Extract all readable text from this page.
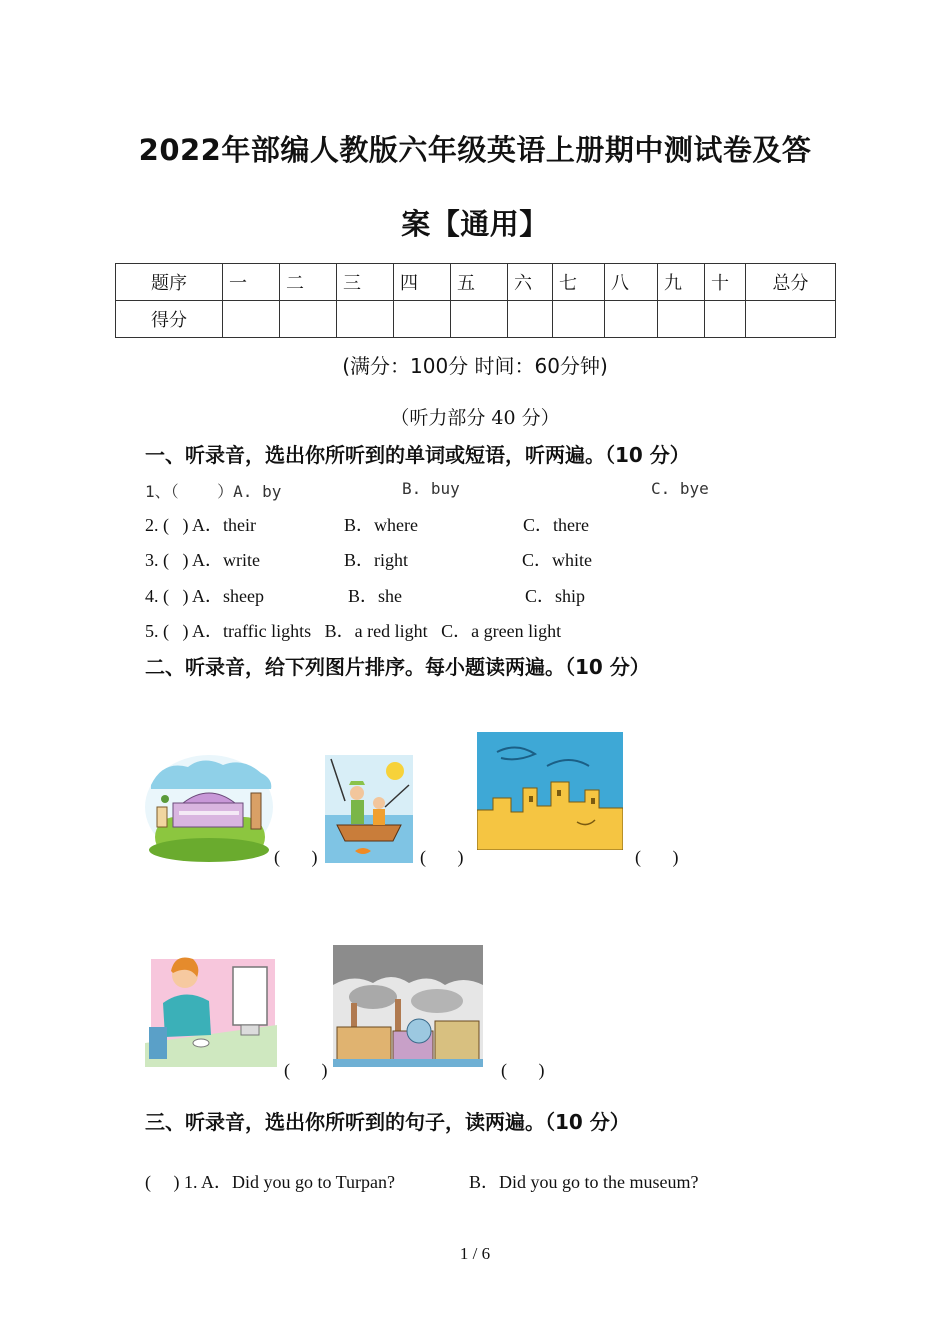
2022年部编人教版六年级英语上册期中测试卷及答
案【通用】
题序	一	二	三	四	五	六	七	八	九	十	总分
得分											
(满分：100分 时间：60分钟)
（听力部分 40 分）
一、听录音，选出你所听到的单词或短语，听两遍。（10 分）
1、（    ）A. by	B. buy	C. bye
2. (   ) A．their	B．where	C．there
3. (   ) A．write	B．right	C．white
4. (   ) A．sheep	B．she	C．ship
5. (   ) A．traffic lights   B．a red light   C．a green light
二、听录音，给下列图片排序。每小题读两遍。（10 分）
(       )	(       )	(       )
(       )	(       )
三、听录音，选出你所听到的句子，读两遍。（10 分）
(     ) 1. A．Did you go to Turpan?	B．Did you go to the museum?
1 / 6
